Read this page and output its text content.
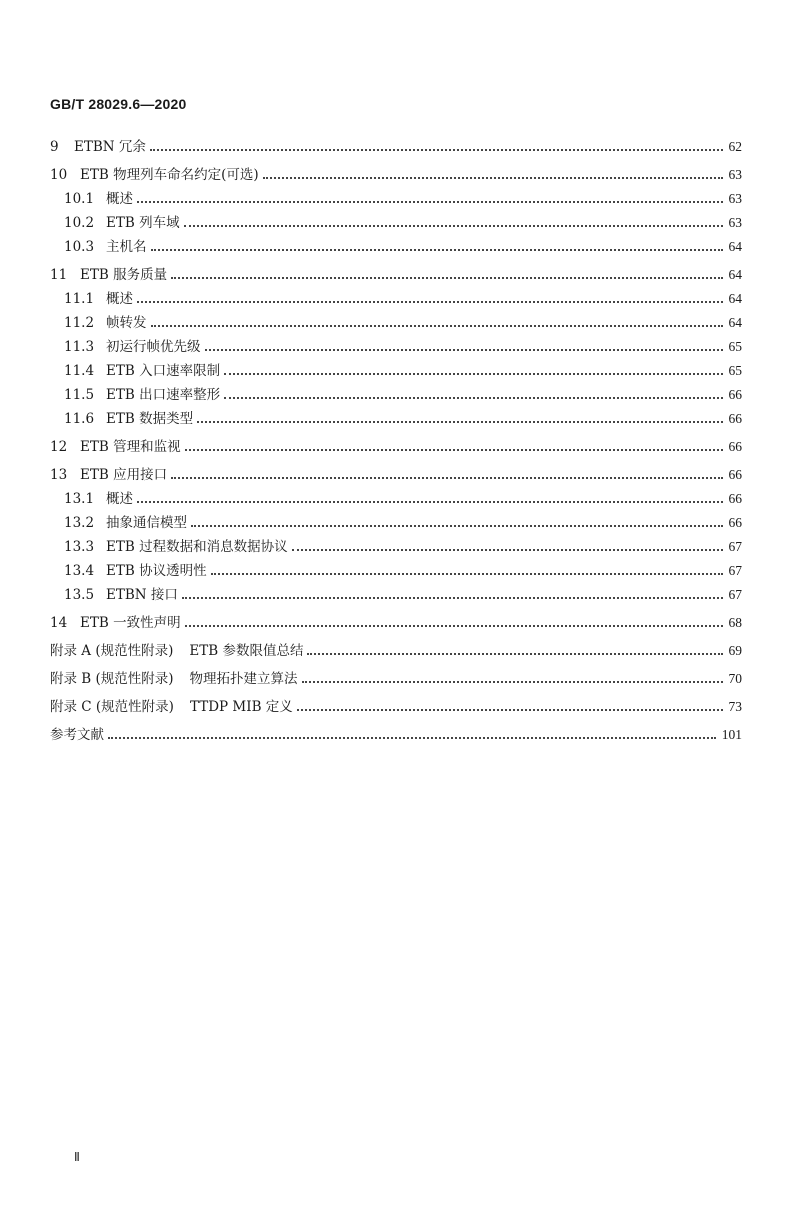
GB/T 28029.6—2020
9	ETBN 冗余	62
10 ETB 物理列车命名约定(可选)	63
10.1 概述	63
10.2 ETB 列车域	63
10.3 主机名	64
11 ETB 服务质量	64
11.1 概述	64
11.2 帧转发	64
11.3 初运行帧优先级	65
11.4 ETB 入口速率限制	65
11.5 ETB 出口速率整形	66
11.6 ETB 数据类型	66
12 ETB 管理和监视	66
13 ETB 应用接口	66
13.1 概述	66
13.2 抽象通信模型	66
13.3 ETB 过程数据和消息数据协议	67
13.4 ETB 协议透明性	67
13.5 ETBN 接口	67
14 ETB 一致性声明	68
附录 A (规范性附录) ETB 参数限值总结	69
附录 B (规范性附录) 物理拓扑建立算法	70
附录 C (规范性附录) TTDP MIB 定义	73
参考文献	101
Ⅱ
